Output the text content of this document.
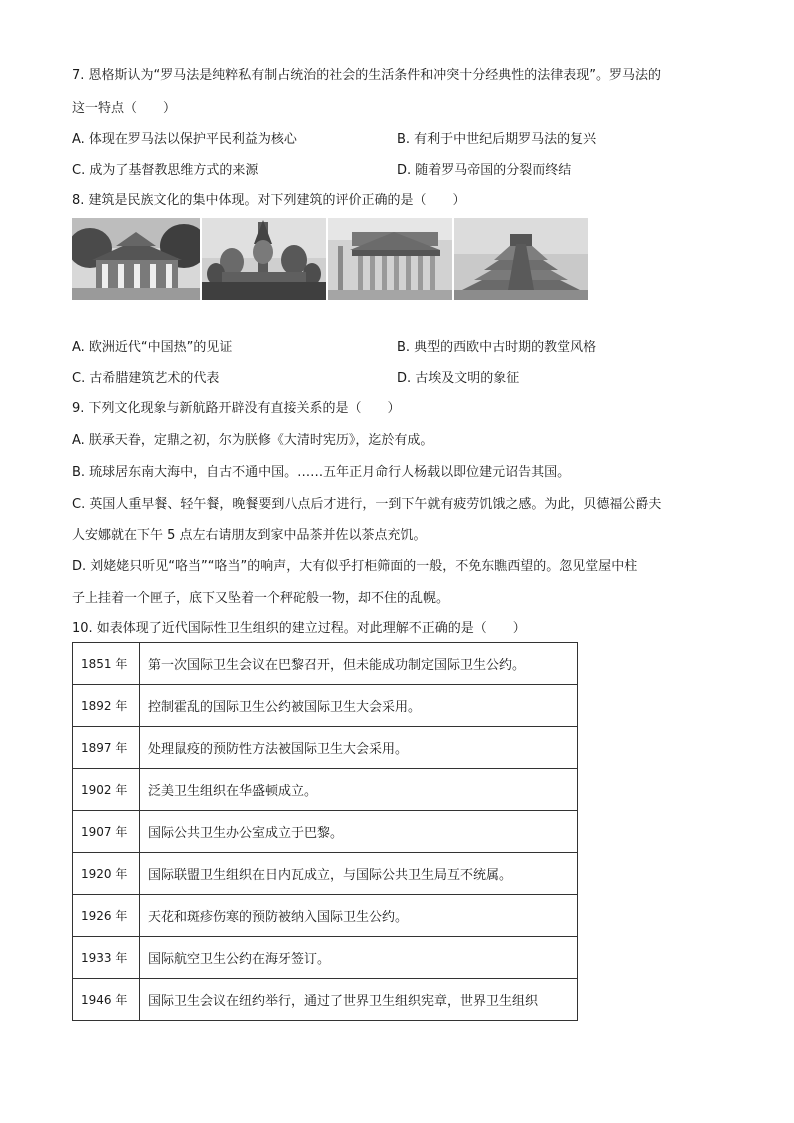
7. 恩格斯认为“罗马法是纯粹私有制占统治的社会的生活条件和冲突十分经典性的法律表现”。罗马法的
这一特点（　　）
A. 体现在罗马法以保护平民利益为核心	B. 有利于中世纪后期罗马法的复兴
C. 成为了基督教思维方式的来源	D. 随着罗马帝国的分裂而终结
8. 建筑是民族文化的集中体现。对下列建筑的评价正确的是（　　）
A. 欧洲近代“中国热”的见证	B. 典型的西欧中古时期的教堂风格
C. 古希腊建筑艺术的代表	D. 古埃及文明的象征
9. 下列文化现象与新航路开辟没有直接关系的是（　　）
A. 朕承天眷，定鼎之初，尔为朕修《大清时宪历》，迄於有成。
B. 琉球居东南大海中，自古不通中国。……五年正月命行人杨载以即位建元诏告其国。
C. 英国人重早餐、轻午餐，晚餐要到八点后才进行，一到下午就有疲劳饥饿之感。为此，贝德福公爵夫
人安娜就在下午 5 点左右请朋友到家中品茶并佐以茶点充饥。
D. 刘姥姥只听见“咯当”“咯当”的响声，大有似乎打柜筛面的一般，不免东瞧西望的。忽见堂屋中柱
子上挂着一个匣子，底下又坠着一个秤砣般一物，却不住的乱幌。
10. 如表体现了近代国际性卫生组织的建立过程。对此理解不正确的是（　　）
1851 年	第一次国际卫生会议在巴黎召开，但未能成功制定国际卫生公约。
1892 年	控制霍乱的国际卫生公约被国际卫生大会采用。
1897 年	处理鼠疫的预防性方法被国际卫生大会采用。
1902 年	泛美卫生组织在华盛顿成立。
1907 年	国际公共卫生办公室成立于巴黎。
1920 年	国际联盟卫生组织在日内瓦成立，与国际公共卫生局互不统属。
1926 年	天花和斑疹伤寒的预防被纳入国际卫生公约。
1933 年	国际航空卫生公约在海牙签订。
1946 年	国际卫生会议在纽约举行，通过了世界卫生组织宪章，世界卫生组织
